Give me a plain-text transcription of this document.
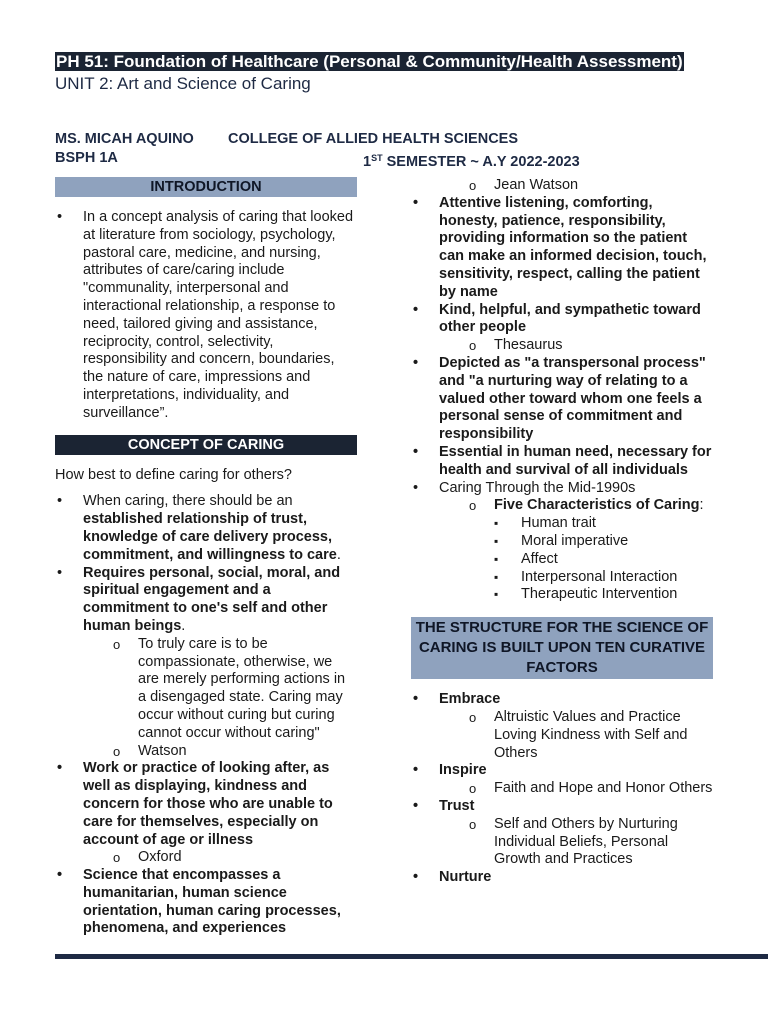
PH 51: Foundation of Healthcare (Personal & Community/Health Assessment)

UNIT 2: Art and Science of Caring

MS. MICAH AQUINO COLLEGE OF ALLIED HEALTH SCIENCES
BSPH 1A	1ST SEMESTER ~ A.Y 2022-2023
INTRODUCTION
• In a concept analysis of caring that looked at literature from sociology, psychology, pastoral care, medicine, and nursing, attributes of care/caring include "communality, interpersonal and interactional relationship, a response to need, tailored giving and assistance, reciprocity, control, selectivity, responsibility and concern, boundaries, the nature of care, impressions and interpretations, individuality, and surveillance”.
CONCEPT OF CARING

How best to define caring for others?

• When caring, there should be an established relationship of trust, knowledge of care delivery process, commitment, and willingness to care.
• Requires personal, social, moral, and spiritual engagement and a commitment to one's self and other human beings.
o To truly care is to be compassionate, otherwise, we are merely performing actions in a disengaged state. Caring may occur without curing but curing cannot occur without caring"
o Watson
• Work or practice of looking after, as well as displaying, kindness and concern for those who are unable to care for themselves, especially on account of age or illness
o Oxford
• Science that encompasses a humanitarian, human science orientation, human caring processes, phenomena, and experiences
o Jean Watson
• Attentive listening, comforting, honesty, patience, responsibility, providing information so the patient can make an informed decision, touch, sensitivity, respect, calling the patient by name
• Kind, helpful, and sympathetic toward other people
o Thesaurus
• Depicted as "a transpersonal process" and "a nurturing way of relating to a valued other toward whom one feels a personal sense of commitment and responsibility
• Essential in human need, necessary for health and survival of all individuals
• Caring Through the Mid-1990s
o Five Characteristics of Caring:
▪ Human trait
▪ Moral imperative
▪ Affect
▪ Interpersonal Interaction
▪ Therapeutic Intervention
THE STRUCTURE FOR THE SCIENCE OF CARING IS BUILT UPON TEN CURATIVE FACTORS
• Embrace
o Altruistic Values and Practice Loving Kindness with Self and Others
• Inspire
o Faith and Hope and Honor Others
• Trust
o Self and Others by Nurturing Individual Beliefs, Personal Growth and Practices
• Nurture
